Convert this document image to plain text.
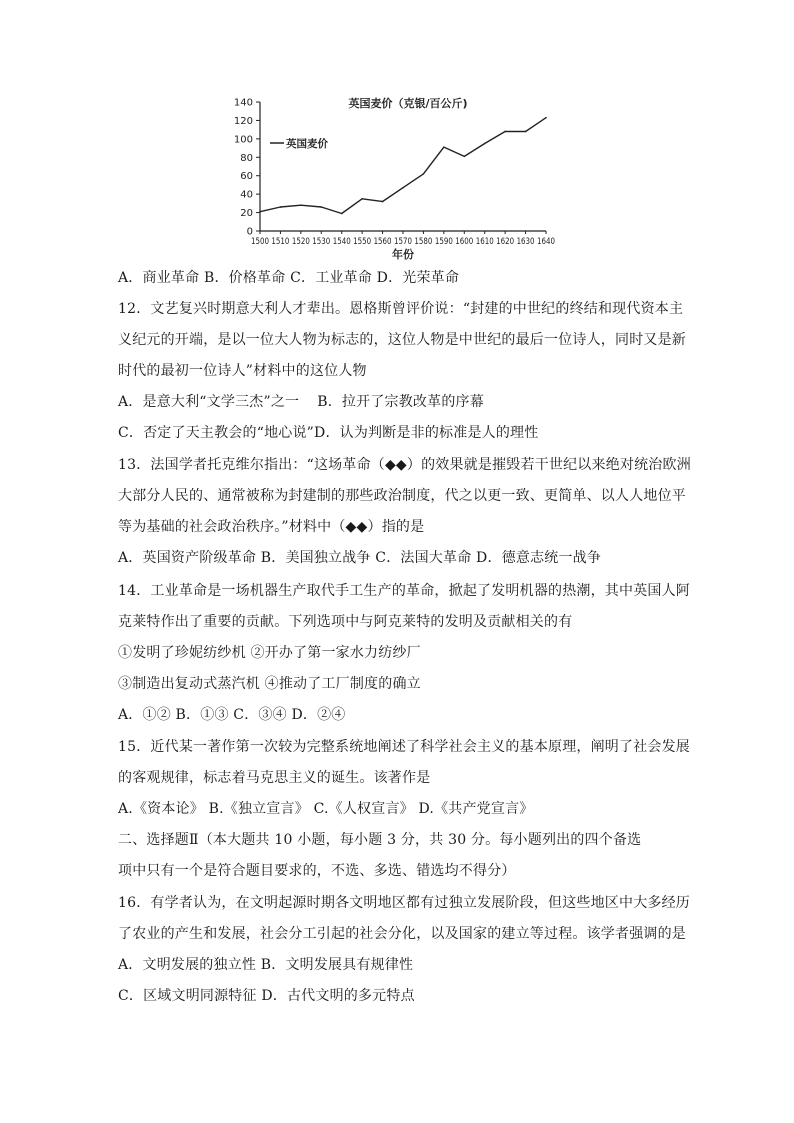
0
20
40
60
80
100
120
140
1500 1510 1520 1530 1540 1550 1560 1570 1580 1590 1600 1610 1620 1630 1640
英国麦价（克银/百公斤)
年份
英国麦价
A．商业革命 B．价格革命 C．工业革命 D．光荣革命
12．文艺复兴时期意大利人才辈出。恩格斯曾评价说：“封建的中世纪的终结和现代资本主
义纪元的开端，是以一位大人物为标志的，这位人物是中世纪的最后一位诗人，同时又是新
时代的最初一位诗人”材料中的这位人物
A．是意大利“文学三杰”之一 B．拉开了宗教改革的序幕
C．否定了天主教会的“地心说”D．认为判断是非的标准是人的理性
13．法国学者托克维尔指出：“这场革命（◆◆）的效果就是摧毁若干世纪以来绝对统治欧洲
大部分人民的、通常被称为封建制的那些政治制度，代之以更一致、更简单、以人人地位平
等为基础的社会政治秩序。”材料中（◆◆）指的是
A．英国资产阶级革命 B．美国独立战争 C．法国大革命 D．德意志统一战争
14．工业革命是一场机器生产取代手工生产的革命，掀起了发明机器的热潮，其中英国人阿
克莱特作出了重要的贡献。下列选项中与阿克莱特的发明及贡献相关的有
①发明了珍妮纺纱机 ②开办了第一家水力纺纱厂
③制造出复动式蒸汽机 ④推动了工厂制度的确立
A．①② B．①③ C．③④ D．②④
15．近代某一著作第一次较为完整系统地阐述了科学社会主义的基本原理，阐明了社会发展
的客观规律，标志着马克思主义的诞生。该著作是
A.《资本论》 B.《独立宣言》 C.《人权宣言》 D.《共产党宣言》
二、选择题Ⅱ（本大题共 10 小题，每小题 3 分，共 30 分。每小题列出的四个备选
项中只有一个是符合题目要求的，不选、多选、错选均不得分）
16．有学者认为，在文明起源时期各文明地区都有过独立发展阶段，但这些地区中大多经历
了农业的产生和发展，社会分工引起的社会分化，以及国家的建立等过程。该学者强调的是
A．文明发展的独立性 B．文明发展具有规律性
C．区域文明同源特征 D．古代文明的多元特点
